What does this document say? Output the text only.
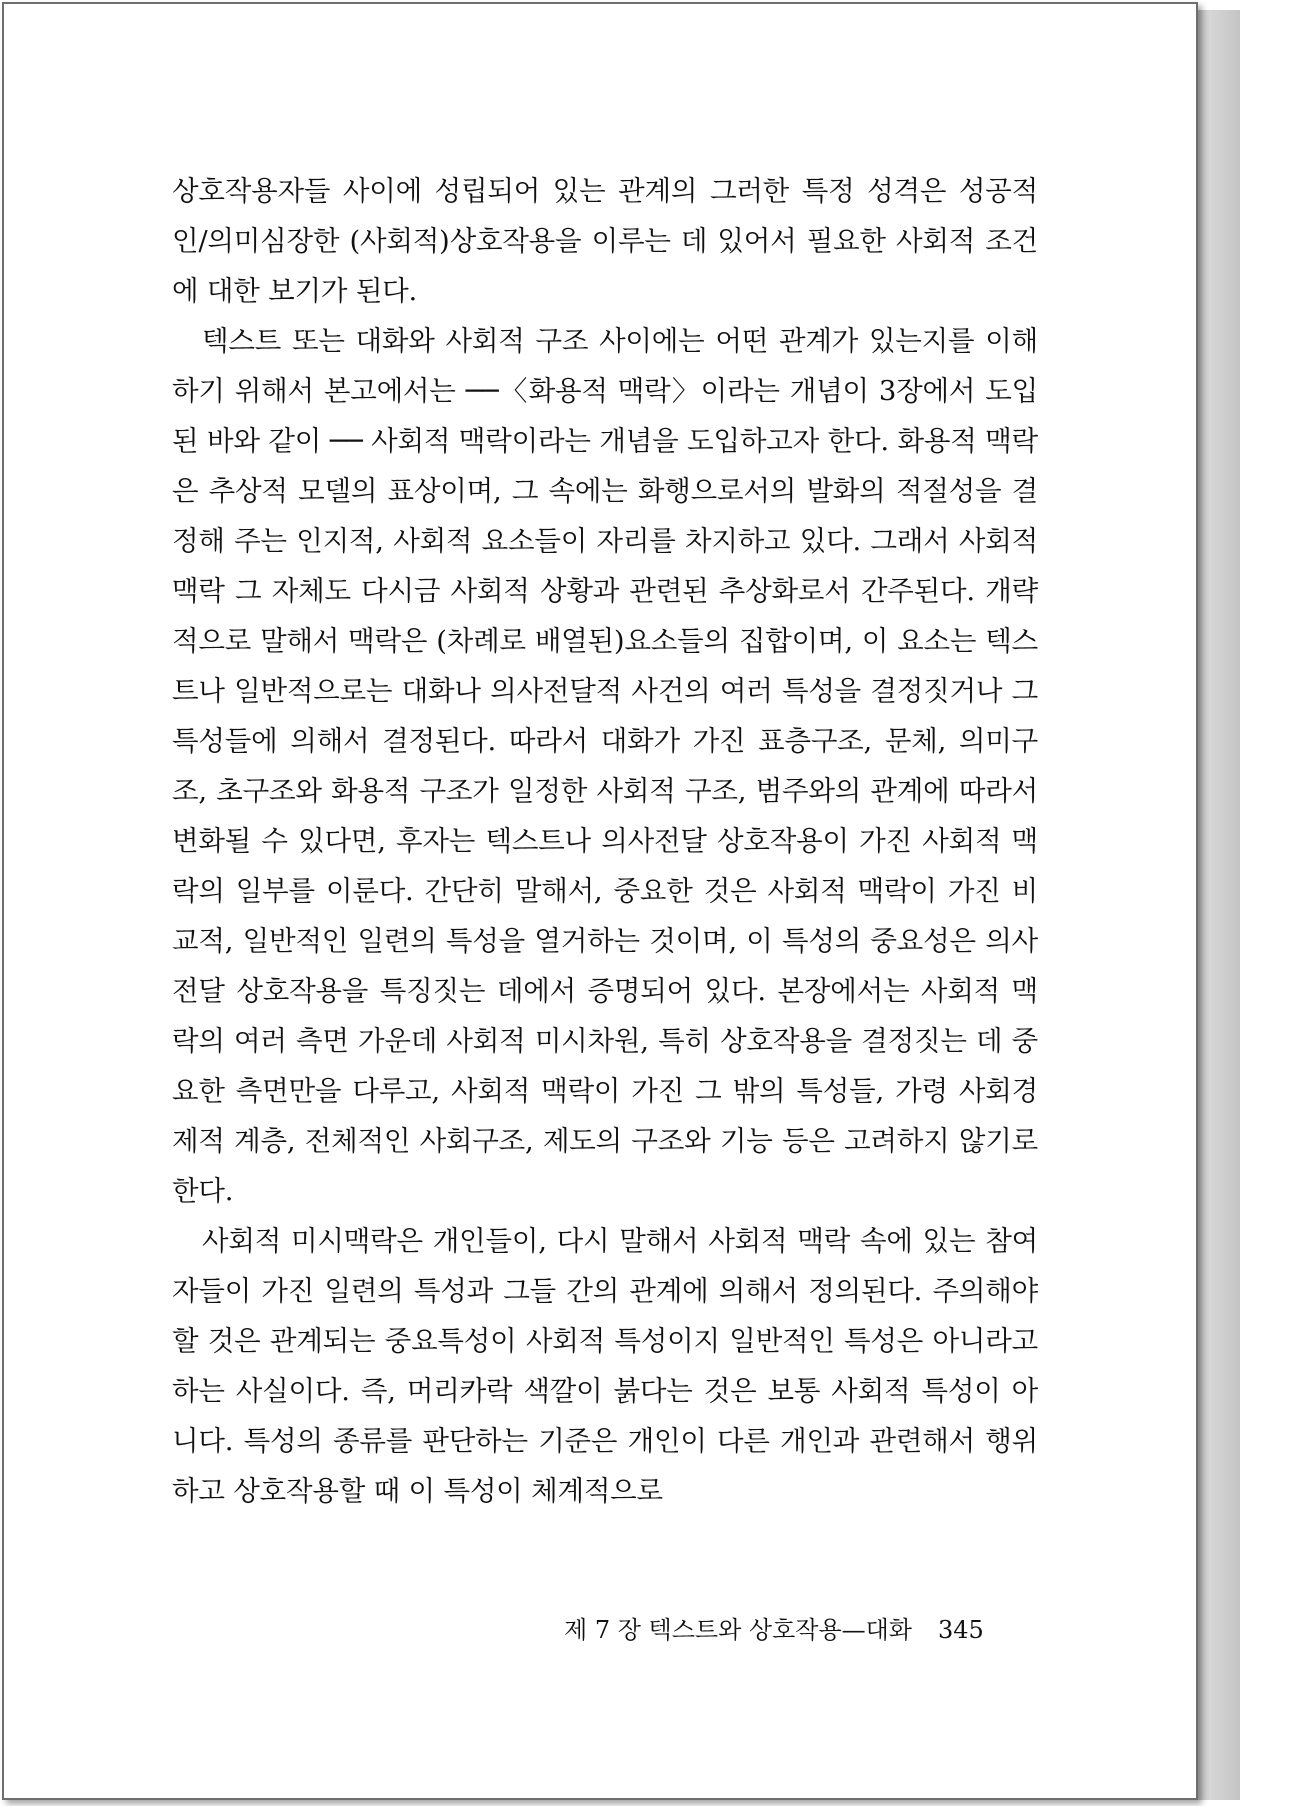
상호작용자들 사이에 성립되어 있는 관계의 그러한 특정 성격은 성공적인/의미심장한 (사회적)상호작용을 이루는 데 있어서 필요한 사회적 조건에 대한 보기가 된다.

텍스트 또는 대화와 사회적 구조 사이에는 어떤 관계가 있는지를 이해하기 위해서 본고에서는 ──〈화용적 맥락〉이라는 개념이 3장에서 도입된 바와 같이 ── 사회적 맥락이라는 개념을 도입하고자 한다. 화용적 맥락은 추상적 모델의 표상이며, 그 속에는 화행으로서의 발화의 적절성을 결정해 주는 인지적, 사회적 요소들이 자리를 차지하고 있다. 그래서 사회적 맥락 그 자체도 다시금 사회적 상황과 관련된 추상화로서 간주된다. 개략적으로 말해서 맥락은 (차례로 배열된)요소들의 집합이며, 이 요소는 텍스트나 일반적으로는 대화나 의사전달적 사건의 여러 특성을 결정짓거나 그 특성들에 의해서 결정된다. 따라서 대화가 가진 표층구조, 문체, 의미구조, 초구조와 화용적 구조가 일정한 사회적 구조, 범주와의 관계에 따라서 변화될 수 있다면, 후자는 텍스트나 의사전달 상호작용이 가진 사회적 맥락의 일부를 이룬다. 간단히 말해서, 중요한 것은 사회적 맥락이 가진 비교적, 일반적인 일련의 특성을 열거하는 것이며, 이 특성의 중요성은 의사전달 상호작용을 특징짓는 데에서 증명되어 있다. 본장에서는 사회적 맥락의 여러 측면 가운데 사회적 미시차원, 특히 상호작용을 결정짓는 데 중요한 측면만을 다루고, 사회적 맥락이 가진 그 밖의 특성들, 가령 사회경제적 계층, 전체적인 사회구조, 제도의 구조와 기능 등은 고려하지 않기로 한다.

사회적 미시맥락은 개인들이, 다시 말해서 사회적 맥락 속에 있는 참여자들이 가진 일련의 특성과 그들 간의 관계에 의해서 정의된다. 주의해야 할 것은 관계되는 중요특성이 사회적 특성이지 일반적인 특성은 아니라고 하는 사실이다. 즉, 머리카락 색깔이 붉다는 것은 보통 사회적 특성이 아니다. 특성의 종류를 판단하는 기준은 개인이 다른 개인과 관련해서 행위하고 상호작용할 때 이 특성이 체계적으로

제 7 장 텍스트와 상호작용—대화 345
